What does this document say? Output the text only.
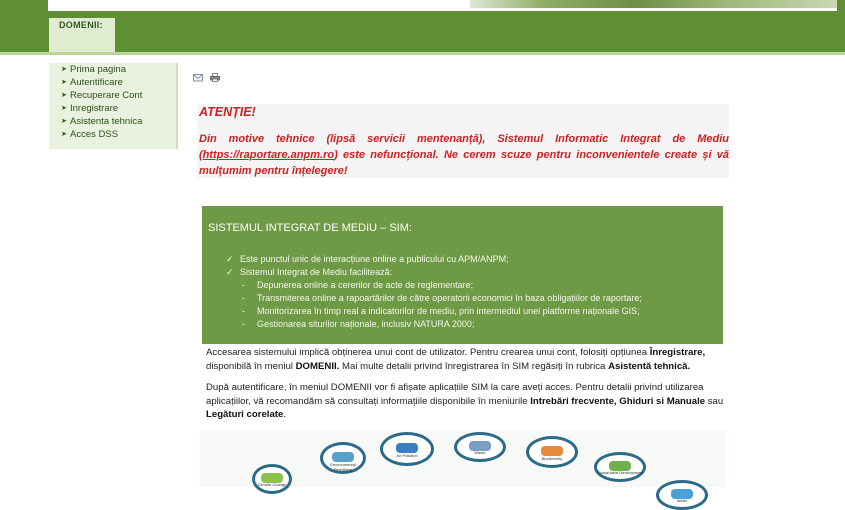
DOMENII:
➤ Prima pagina
➤ Autentificare
➤ Recuperare Cont
➤ Inregistrare
➤ Asistenta tehnica
➤ Acces DSS

ATENȚIE!
Din motive tehnice (lipsă servicii mentenanță), Sistemul Informatic Integrat de Mediu (https://raportare.anpm.ro) este nefuncțional. Ne cerem scuze pentru inconvenientele create și vă mulțumim pentru înțelegere!
SISTEMUL INTEGRAT DE MEDIU – SIM:
✓ Este punctul unic de interacțiune online a publicului cu APM/ANPM;
✓ Sistemul Integrat de Mediu facilitează:
- Depunerea online a cererilor de acte de reglementare;
- Transmiterea online a rapoartărilor de către operatorii economici în baza obligațiilor de raportare;
- Monitorizarea în timp real a indicatorilor de mediu, prin intermediul unei platforme naționale GIS;
- Gestionarea siturilor naționale, inclusiv NATURA 2000;
Accesarea sistemului implică obținerea unui cont de utilizator. Pentru crearea unui cont, folosiți opțiunea Înregistrare, disponibilă în meniul DOMENII. Mai multe detalii privind înregistrarea în SIM regăsiți în rubrica Asistentă tehnică.
După autentificare, în meniul DOMENII vor fi afișate aplicațiile SIM la care aveți acces. Pentru detalii privind utilizarea aplicațiilor, vă recomandăm să consultați informațiile disponibile în meniurile Intrebări frecvente, Ghiduri si Manuale sau Legături corelate.
Climate Change
Environmental Permitting
Air Pollution
Waste
Biodiversity
Sustainable Development
Water
